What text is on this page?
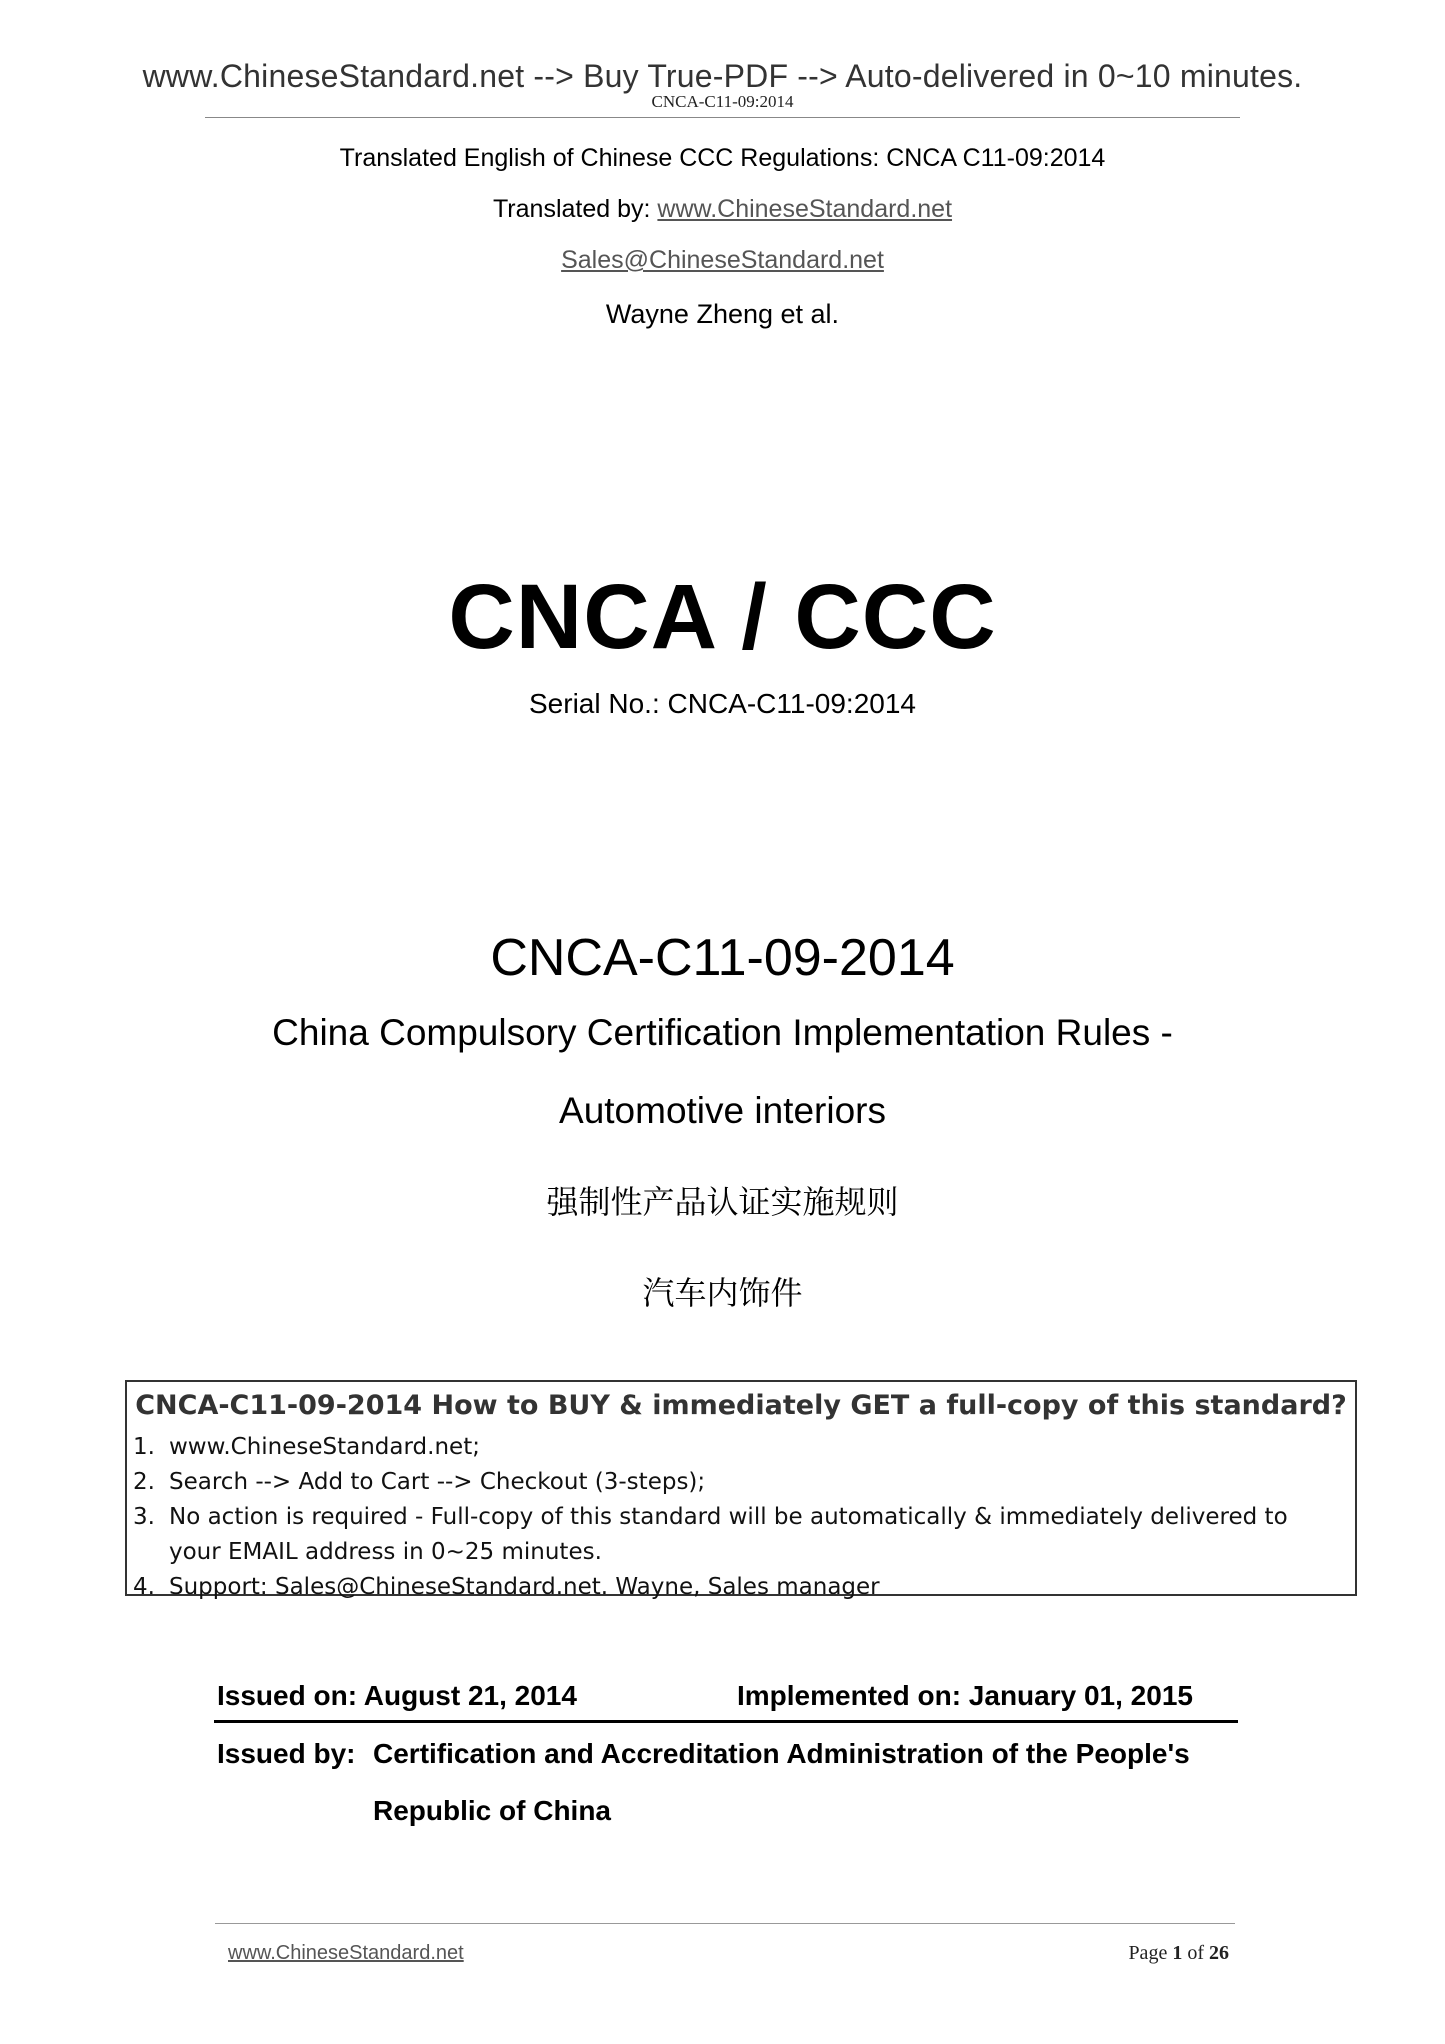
www.ChineseStandard.net --> Buy True-PDF --> Auto-delivered in 0~10 minutes.
CNCA-C11-09:2014
Translated English of Chinese CCC Regulations: CNCA C11-09:2014
Translated by: www.ChineseStandard.net
Sales@ChineseStandard.net
Wayne Zheng et al.
CNCA / CCC
Serial No.: CNCA-C11-09:2014
CNCA-C11-09-2014
China Compulsory Certification Implementation Rules -
Automotive interiors
强制性产品认证实施规则
汽车内饰件
CNCA-C11-09-2014 How to BUY & immediately GET a full-copy of this standard?
1. www.ChineseStandard.net;
2. Search --> Add to Cart --> Checkout (3-steps);
3. No action is required - Full-copy of this standard will be automatically & immediately delivered to your EMAIL address in 0~25 minutes.
4. Support: Sales@ChineseStandard.net. Wayne, Sales manager
Issued on: August 21, 2014	Implemented on: January 01, 2015
Issued by: Certification and Accreditation Administration of the People's Republic of China
www.ChineseStandard.net	Page 1 of 26
